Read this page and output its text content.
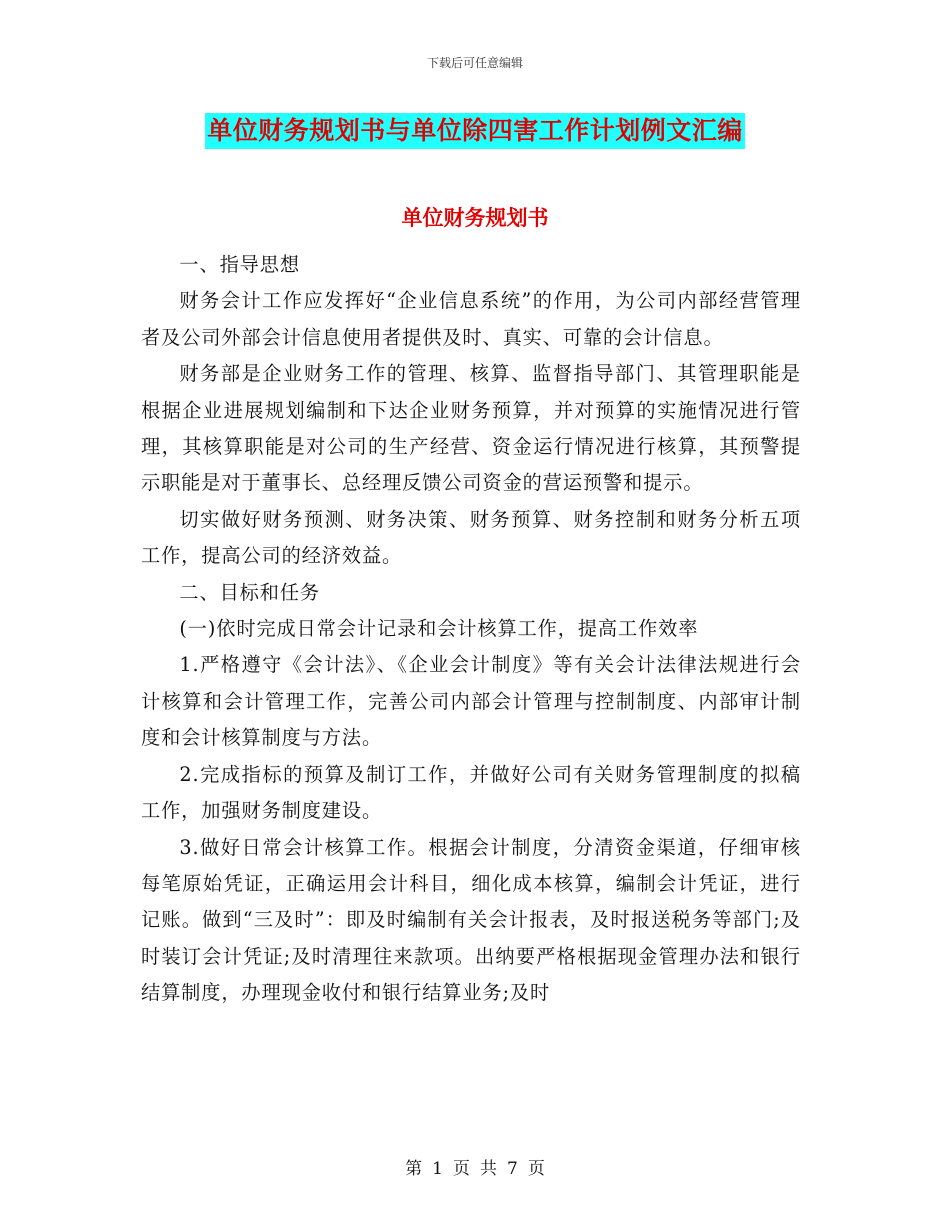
下载后可任意编辑
单位财务规划书与单位除四害工作计划例文汇编
单位财务规划书

一、指导思想

财务会计工作应发挥好“企业信息系统”的作用，为公司内部经营管理者及公司外部会计信息使用者提供及时、真实、可靠的会计信息。

财务部是企业财务工作的管理、核算、监督指导部门、其管理职能是根据企业进展规划编制和下达企业财务预算，并对预算的实施情况进行管理，其核算职能是对公司的生产经营、资金运行情况进行核算，其预警提示职能是对于董事长、总经理反馈公司资金的营运预警和提示。

切实做好财务预测、财务决策、财务预算、财务控制和财务分析五项工作，提高公司的经济效益。

二、目标和任务

(一)依时完成日常会计记录和会计核算工作，提高工作效率

1.严格遵守《会计法》、《企业会计制度》等有关会计法律法规进行会计核算和会计管理工作，完善公司内部会计管理与控制制度、内部审计制度和会计核算制度与方法。

2.完成指标的预算及制订工作，并做好公司有关财务管理制度的拟稿工作，加强财务制度建设。

3.做好日常会计核算工作。根据会计制度，分清资金渠道，仔细审核每笔原始凭证，正确运用会计科目，细化成本核算，编制会计凭证，进行记账。做到“三及时”：即及时编制有关会计报表，及时报送税务等部门;及时装订会计凭证;及时清理往来款项。出纳要严格根据现金管理办法和银行结算制度，办理现金收付和银行结算业务;及时

第 1 页 共 7 页
